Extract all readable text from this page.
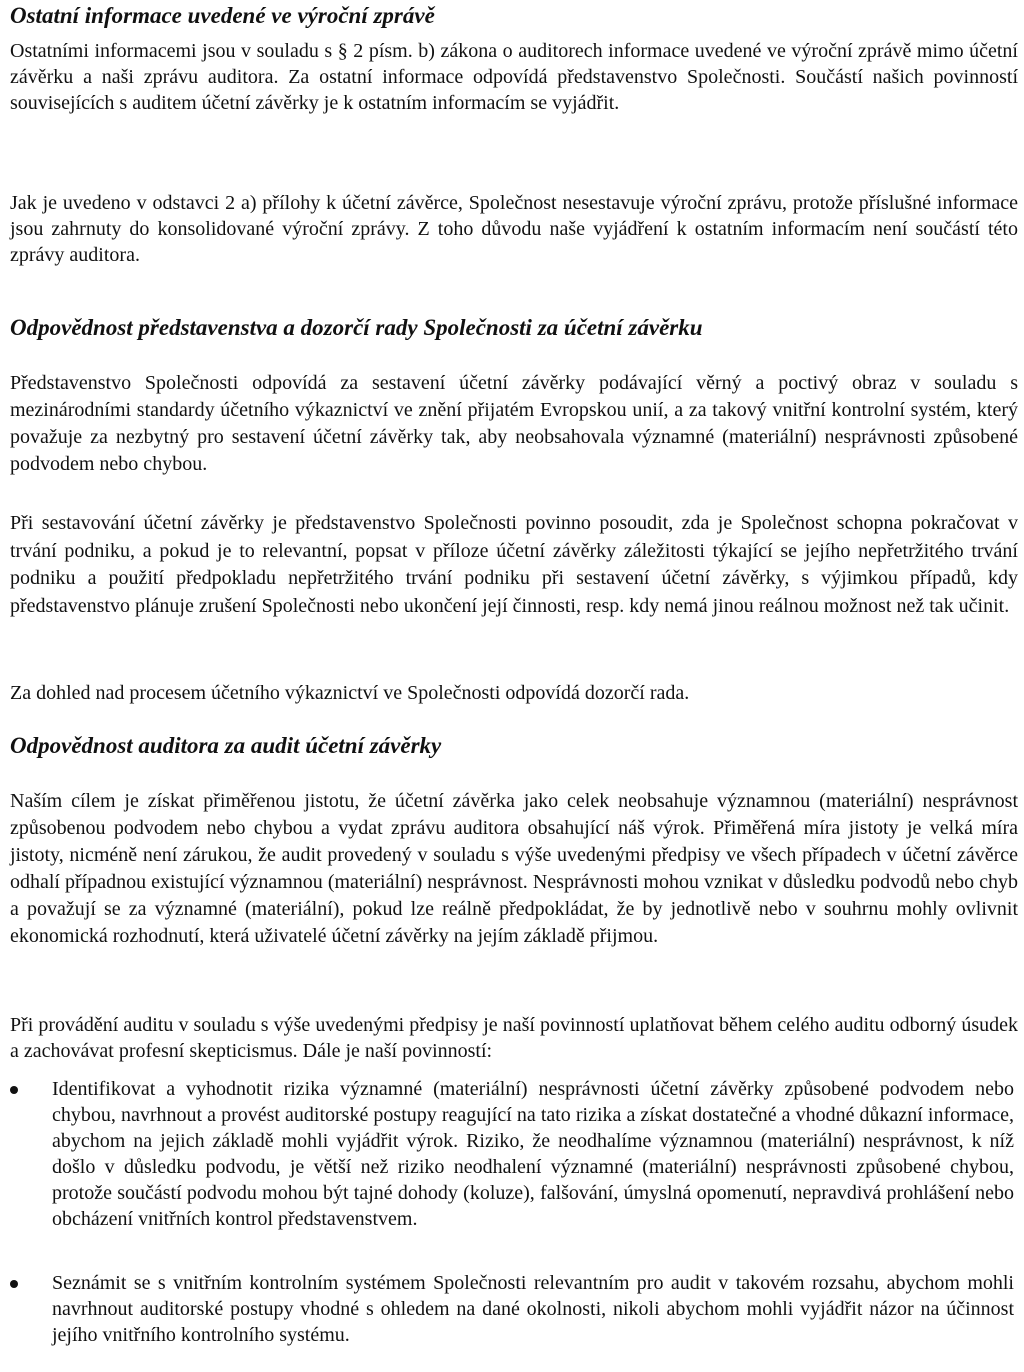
Ostatní informace uvedené ve výroční zprávě

Ostatními informacemi jsou v souladu s § 2 písm. b) zákona o auditorech informace uvedené ve výroční zprávě mimo účetní závěrku a naši zprávu auditora. Za ostatní informace odpovídá představenstvo Společnosti. Součástí našich povinností souvisejících s auditem účetní závěrky je k ostatním informacím se vyjádřit.

Jak je uvedeno v odstavci 2 a) přílohy k účetní závěrce, Společnost nesestavuje výroční zprávu, protože příslušné informace jsou zahrnuty do konsolidované výroční zprávy. Z toho důvodu naše vyjádření k ostatním informacím není součástí této zprávy auditora.

Odpovědnost představenstva a dozorčí rady Společnosti za účetní závěrku

Představenstvo Společnosti odpovídá za sestavení účetní závěrky podávající věrný a poctivý obraz v souladu s mezinárodními standardy účetního výkaznictví ve znění přijatém Evropskou unií, a za takový vnitřní kontrolní systém, který považuje za nezbytný pro sestavení účetní závěrky tak, aby neobsahovala významné (materiální) nesprávnosti způsobené podvodem nebo chybou.

Při sestavování účetní závěrky je představenstvo Společnosti povinno posoudit, zda je Společnost schopna pokračovat v trvání podniku, a pokud je to relevantní, popsat v příloze účetní závěrky záležitosti týkající se jejího nepřetržitého trvání podniku a použití předpokladu nepřetržitého trvání podniku při sestavení účetní závěrky, s výjimkou případů, kdy představenstvo plánuje zrušení Společnosti nebo ukončení její činnosti, resp. kdy nemá jinou reálnou možnost než tak učinit.

Za dohled nad procesem účetního výkaznictví ve Společnosti odpovídá dozorčí rada.

Odpovědnost auditora za audit účetní závěrky

Naším cílem je získat přiměřenou jistotu, že účetní závěrka jako celek neobsahuje významnou (materiální) nesprávnost způsobenou podvodem nebo chybou a vydat zprávu auditora obsahující náš výrok. Přiměřená míra jistoty je velká míra jistoty, nicméně není zárukou, že audit provedený v souladu s výše uvedenými předpisy ve všech případech v účetní závěrce odhalí případnou existující významnou (materiální) nesprávnost. Nesprávnosti mohou vznikat v důsledku podvodů nebo chyb a považují se za významné (materiální), pokud lze reálně předpokládat, že by jednotlivě nebo v souhrnu mohly ovlivnit ekonomická rozhodnutí, která uživatelé účetní závěrky na jejím základě přijmou.

Při provádění auditu v souladu s výše uvedenými předpisy je naší povinností uplatňovat během celého auditu odborný úsudek a zachovávat profesní skepticismus. Dále je naší povinností:

Identifikovat a vyhodnotit rizika významné (materiální) nesprávnosti účetní závěrky způsobené podvodem nebo chybou, navrhnout a provést auditorské postupy reagující na tato rizika a získat dostatečné a vhodné důkazní informace, abychom na jejich základě mohli vyjádřit výrok. Riziko, že neodhalíme významnou (materiální) nesprávnost, k níž došlo v důsledku podvodu, je větší než riziko neodhalení významné (materiální) nesprávnosti způsobené chybou, protože součástí podvodu mohou být tajné dohody (koluze), falšování, úmyslná opomenutí, nepravdivá prohlášení nebo obcházení vnitřních kontrol představenstvem.

Seznámit se s vnitřním kontrolním systémem Společnosti relevantním pro audit v takovém rozsahu, abychom mohli navrhnout auditorské postupy vhodné s ohledem na dané okolnosti, nikoli abychom mohli vyjádřit názor na účinnost jejího vnitřního kontrolního systému.
